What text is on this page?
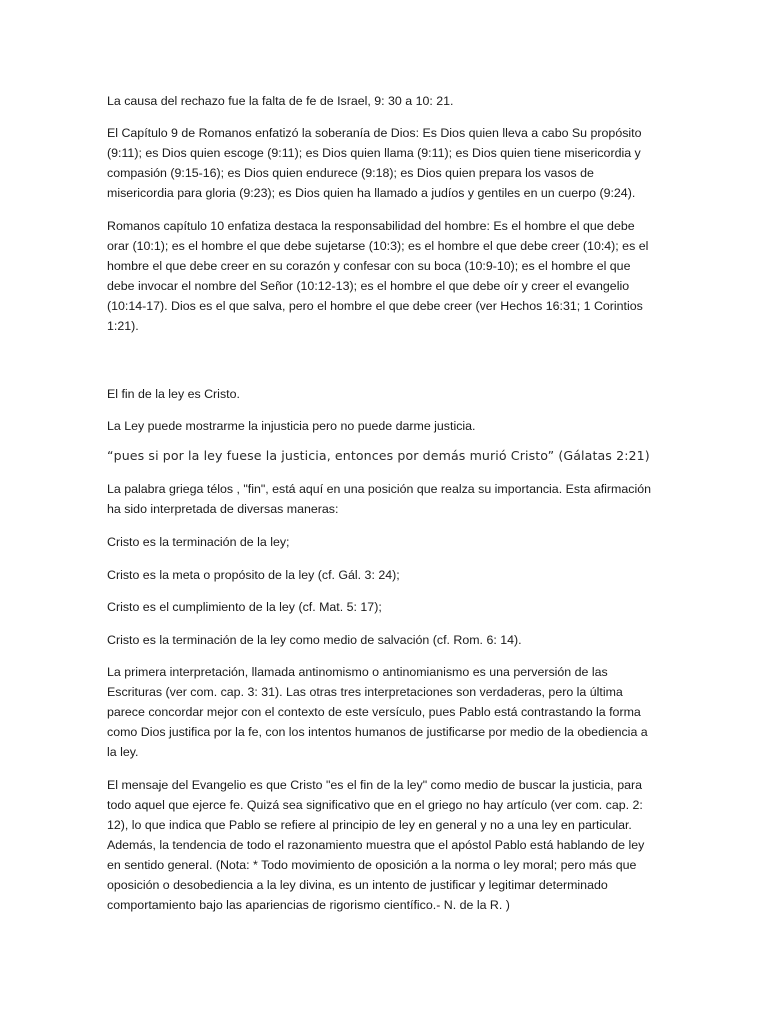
La causa del rechazo fue la falta de fe de Israel, 9: 30 a 10: 21.

El Capítulo 9 de Romanos enfatizó la soberanía de Dios: Es Dios quien lleva a cabo Su propósito
(9:11); es Dios quien escoge (9:11); es Dios quien llama (9:11); es Dios quien tiene misericordia y
compasión (9:15-16); es Dios quien endurece (9:18); es Dios quien prepara los vasos de
misericordia para gloria (9:23); es Dios quien ha llamado a judíos y gentiles en un cuerpo (9:24).

Romanos capítulo 10 enfatiza destaca la responsabilidad del hombre: Es el hombre el que debe
orar (10:1); es el hombre el que debe sujetarse (10:3); es el hombre el que debe creer (10:4); es el
hombre el que debe creer en su corazón y confesar con su boca (10:9-10); es el hombre el que
debe invocar el nombre del Señor (10:12-13); es el hombre el que debe oír y creer el evangelio
(10:14-17). Dios es el que salva, pero el hombre el que debe creer (ver Hechos 16:31; 1 Corintios
1:21).

El fin de la ley es Cristo.

La Ley puede mostrarme la injusticia pero no puede darme justicia.

“pues si por la ley fuese la justicia, entonces por demás murió Cristo” (Gálatas 2:21)

La palabra griega télos , "fin", está aquí en una posición que realza su importancia. Esta afirmación
ha sido interpretada de diversas maneras:

Cristo es la terminación de la ley;

Cristo es la meta o propósito de la ley (cf. Gál. 3: 24);

Cristo es el cumplimiento de la ley (cf. Mat. 5: 17);

Cristo es la terminación de la ley como medio de salvación (cf. Rom. 6: 14).

La primera interpretación, llamada antinomismo o antinomianismo es una perversión de las
Escrituras (ver com. cap. 3: 31). Las otras tres interpretaciones son verdaderas, pero la última
parece concordar mejor con el contexto de este versículo, pues Pablo está contrastando la forma
como Dios justifica por la fe, con los intentos humanos de justificarse por medio de la obediencia a
la ley.

El mensaje del Evangelio es que Cristo "es el fin de la ley" como medio de buscar la justicia, para
todo aquel que ejerce fe. Quizá sea significativo que en el griego no hay artículo (ver com. cap. 2:
12), lo que indica que Pablo se refiere al principio de ley en general y no a una ley en particular.
Además, la tendencia de todo el razonamiento muestra que el apóstol Pablo está hablando de ley
en sentido general. (Nota: * Todo movimiento de oposición a la norma o ley moral; pero más que
oposición o desobediencia a la ley divina, es un intento de justificar y legitimar determinado
comportamiento bajo las apariencias de rigorismo científico.- N. de la R. )
